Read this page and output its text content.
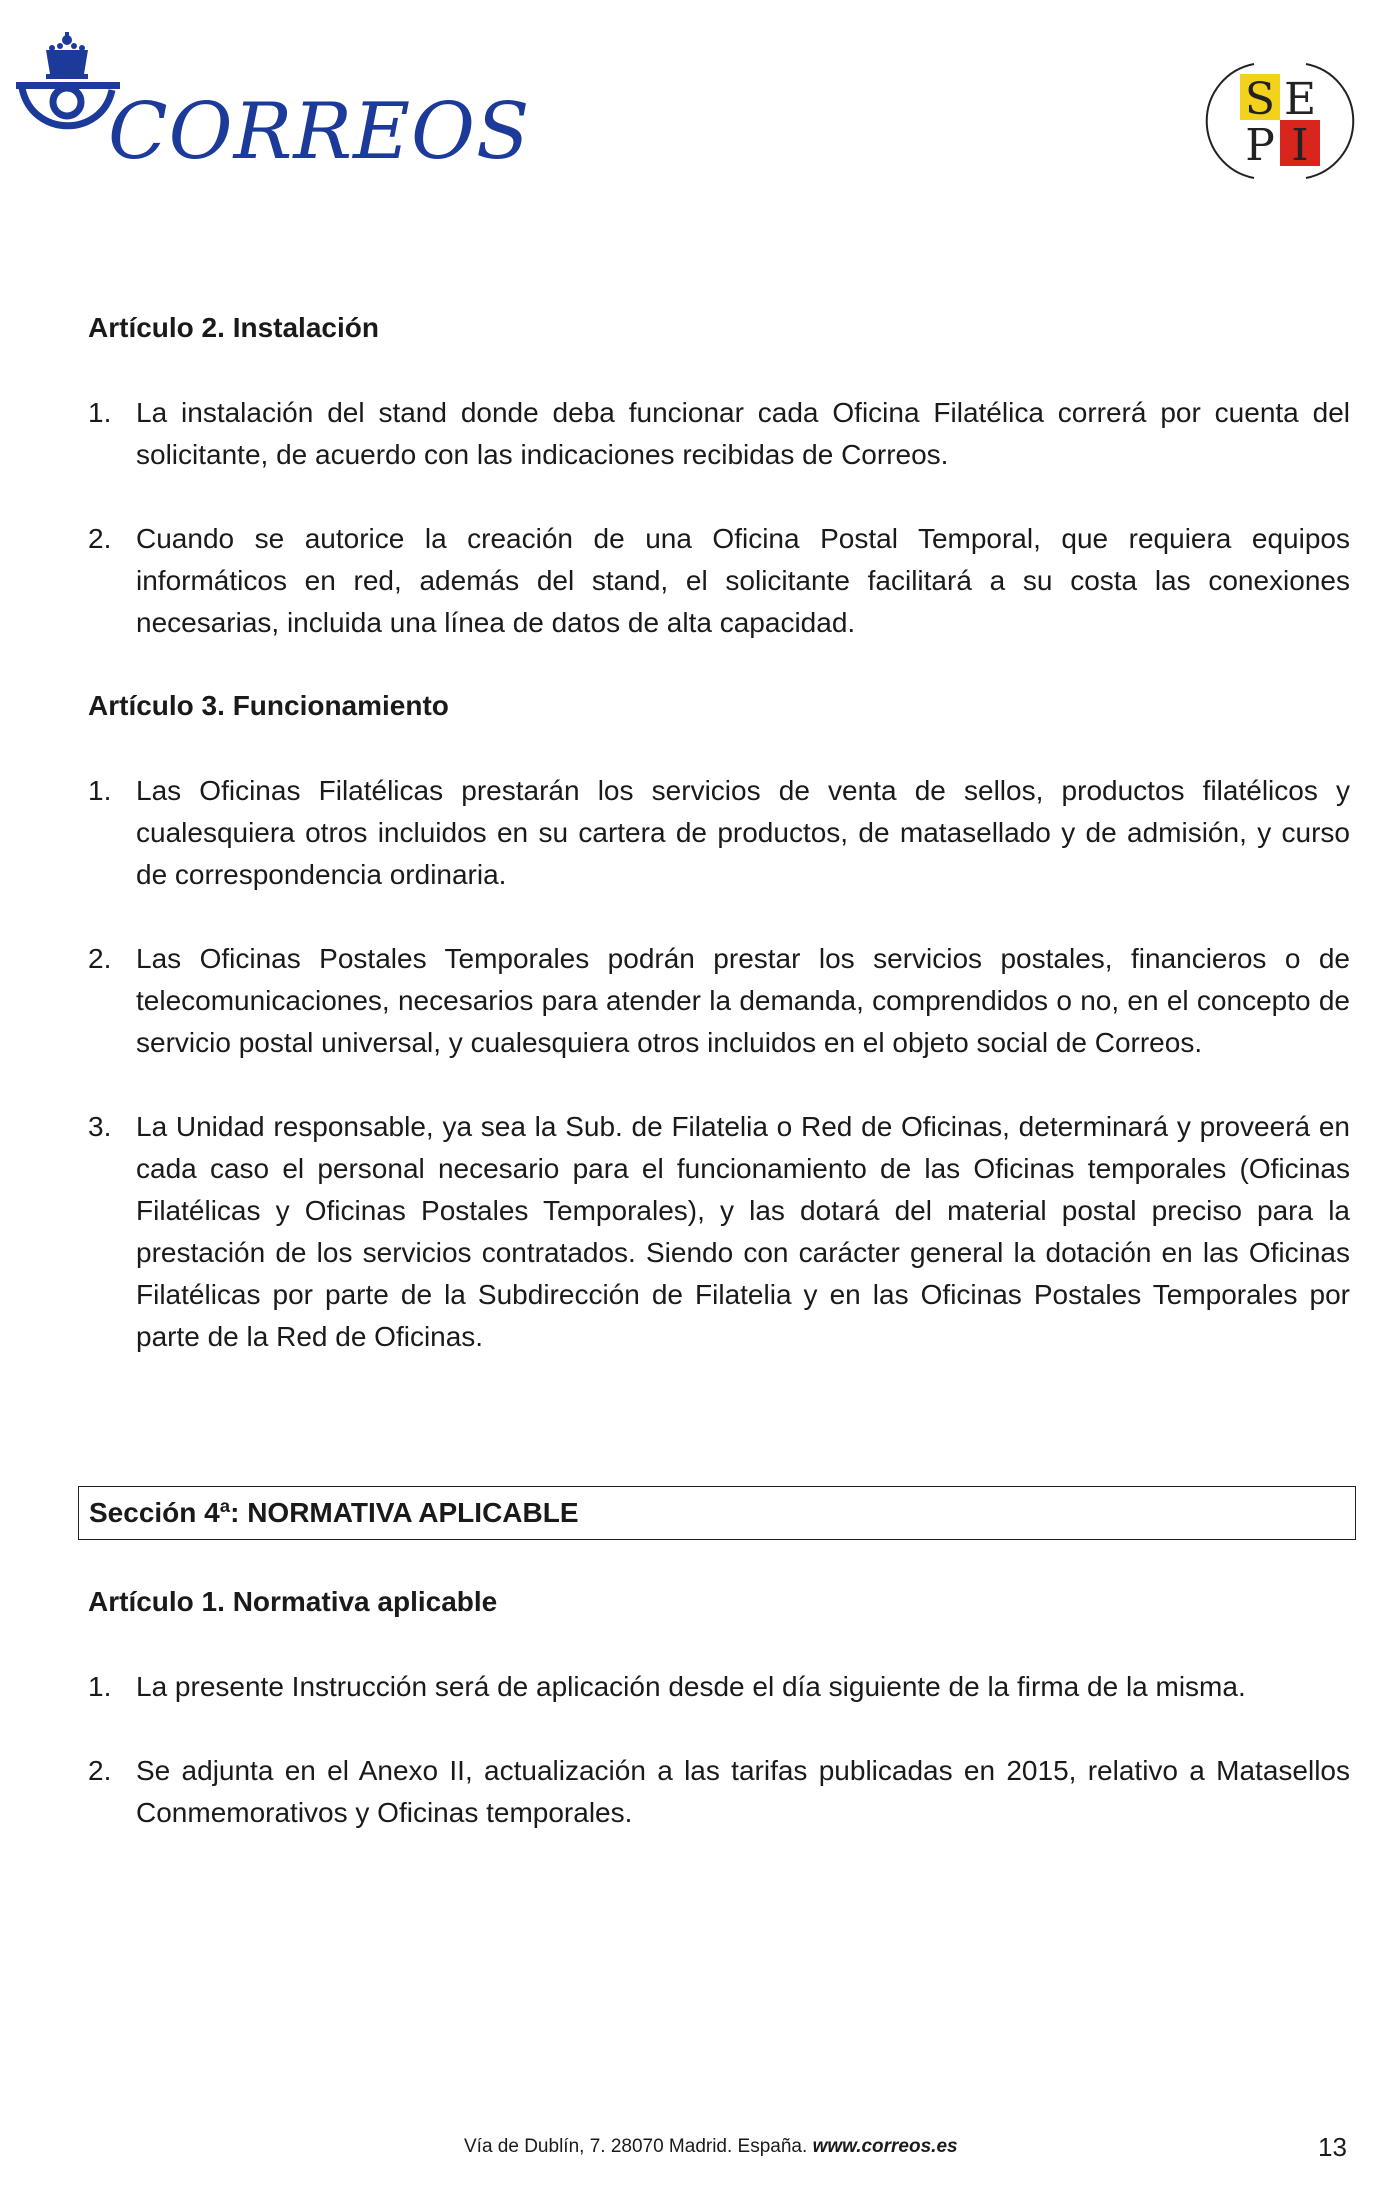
CORREOS	S E
P I
Artículo 2. Instalación

1. La instalación del stand donde deba funcionar cada Oficina Filatélica correrá por cuenta del solicitante, de acuerdo con las indicaciones recibidas de Correos.

2. Cuando se autorice la creación de una Oficina Postal Temporal, que requiera equipos informáticos en red, además del stand, el solicitante facilitará a su costa las conexiones necesarias, incluida una línea de datos de alta capacidad.

Artículo 3. Funcionamiento

1. Las Oficinas Filatélicas prestarán los servicios de venta de sellos, productos filatélicos y cualesquiera otros incluidos en su cartera de productos, de matasellado y de admisión, y curso de correspondencia ordinaria.

2. Las Oficinas Postales Temporales podrán prestar los servicios postales, financieros o de telecomunicaciones, necesarios para atender la demanda, comprendidos o no, en el concepto de servicio postal universal, y cualesquiera otros incluidos en el objeto social de Correos.

3. La Unidad responsable, ya sea la Sub. de Filatelia o Red de Oficinas, determinará y proveerá en cada caso el personal necesario para el funcionamiento de las Oficinas temporales (Oficinas Filatélicas y Oficinas Postales Temporales), y las dotará del material postal preciso para la prestación de los servicios contratados. Siendo con carácter general la dotación en las Oficinas Filatélicas por parte de la Subdirección de Filatelia y en las Oficinas Postales Temporales por parte de la Red de Oficinas.

Sección 4ª: NORMATIVA APLICABLE
Artículo 1. Normativa aplicable

1. La presente Instrucción será de aplicación desde el día siguiente de la firma de la misma.

2. Se adjunta en el Anexo II, actualización a las tarifas publicadas en 2015, relativo a Matasellos Conmemorativos y Oficinas temporales.

Vía de Dublín, 7. 28070 Madrid. España. www.correos.es	13
